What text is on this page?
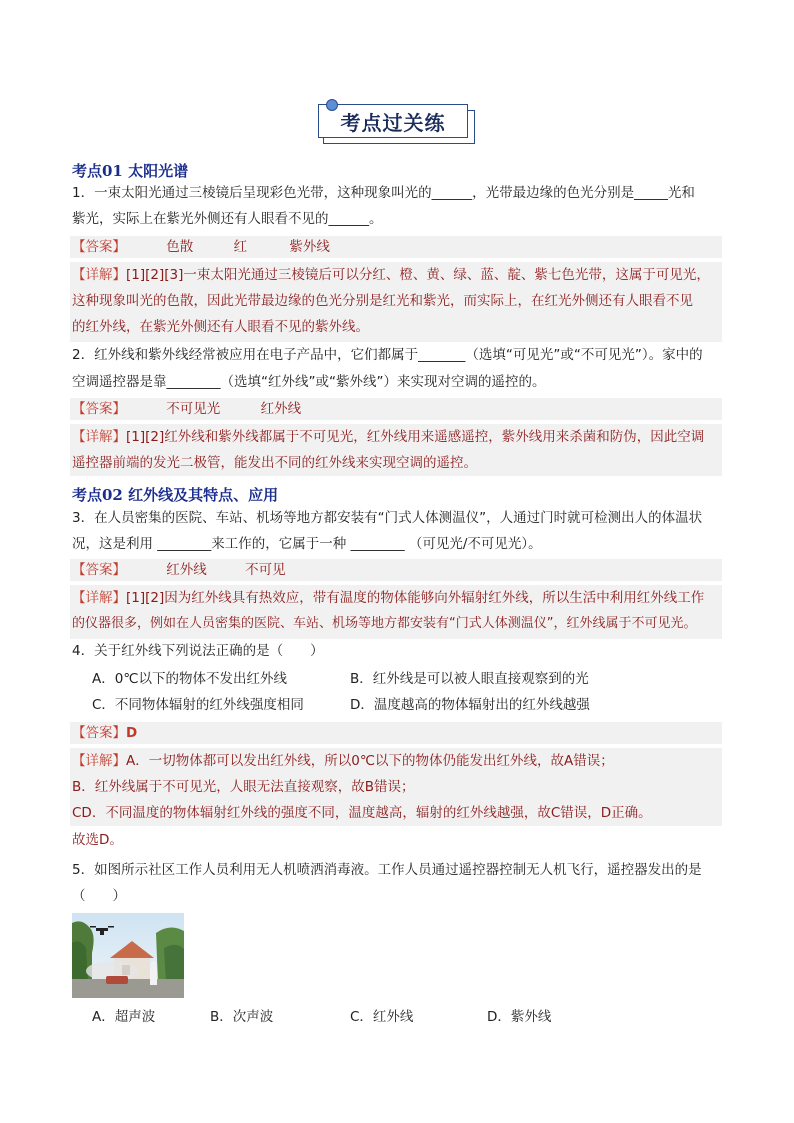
考点过关练
考点01 太阳光谱
1．一束太阳光通过三棱镜后呈现彩色光带，这种现象叫光的______，光带最边缘的色光分别是_____光和
紫光，实际上在紫光外侧还有人眼看不见的______。
【答案】	色散	红	紫外线
【详解】[1][2][3]一束太阳光通过三棱镜后可以分红、橙、黄、绿、蓝、靛、紫七色光带，这属于可见光，
这种现象叫光的色散，因此光带最边缘的色光分别是红光和紫光，而实际上，在红光外侧还有人眼看不见
的红外线，在紫光外侧还有人眼看不见的紫外线。
2．红外线和紫外线经常被应用在电子产品中，它们都属于_______（选填“可见光”或“不可见光”）。家中的
空调遥控器是靠________（选填“红外线”或“紫外线”）来实现对空调的遥控的。
【答案】	不可见光	红外线
【详解】[1][2]红外线和紫外线都属于不可见光，红外线用来遥感遥控，紫外线用来杀菌和防伪，因此空调
遥控器前端的发光二极管，能发出不同的红外线来实现空调的遥控。
考点02 红外线及其特点、应用
3．在人员密集的医院、车站、机场等地方都安装有“门式人体测温仪”，人通过门时就可检测出人的体温状
况，这是利用 ________来工作的，它属于一种 ________ （可见光/不可见光）。
【答案】	红外线	不可见
【详解】[1][2]因为红外线具有热效应，带有温度的物体能够向外辐射红外线，所以生活中利用红外线工作
的仪器很多，例如在人员密集的医院、车站、机场等地方都安装有“门式人体测温仪”，红外线属于不可见光。
4．关于红外线下列说法正确的是（　　）
A．0℃以下的物体不发出红外线	B．红外线是可以被人眼直接观察到的光
C．不同物体辐射的红外线强度相同	D．温度越高的物体辐射出的红外线越强
【答案】D
【详解】A．一切物体都可以发出红外线，所以0℃以下的物体仍能发出红外线，故A错误；
B．红外线属于不可见光，人眼无法直接观察，故B错误；
CD．不同温度的物体辐射红外线的强度不同，温度越高，辐射的红外线越强，故C错误，D正确。
故选D。
5．如图所示社区工作人员利用无人机喷洒消毒液。工作人员通过遥控器控制无人机飞行，遥控器发出的是
（　　）
A．超声波	B．次声波	C．红外线	D．紫外线
